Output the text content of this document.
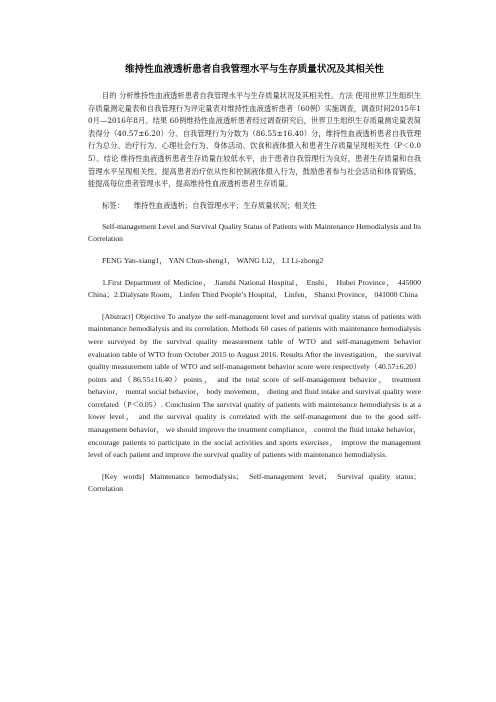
维持性血液透析患者自我管理水平与生存质量状况及其相关性

目的 分析维持性血液透析患者自我管理水平与生存质量状况及其相关性。方法 使用世界卫生组织生存质量测定量表和自我管理行为评定量表对维持性血液透析患者（60例）实施调查，调查时间2015年10月—2016年8月。结果 60例维持性血液透析患者经过调查研究后，世界卫生组织生存质量测定量表简表得分（40.57±6.20）分、自我管理行为分数为（86.55±16.40）分，维持性血液透析患者自我管理行为总分、治疗行为、心理社会行为、身体活动、饮食和液体摄入和患者生存质量呈现相关性（P＜0.05）。结论 维持性血液透析患者生存质量在较低水平，由于患者自我管理行为良好，患者生存质量和自我管理水平呈现相关性，提高患者治疗依从性和控制液体摄入行为，鼓励患者参与社会活动和体育锻炼，能提高每位患者管理水平，提高维持性血液透析患者生存质量。

标签： 维持性血液透析；自我管理水平；生存质量状况；相关性

Self-management Level and Survival Quality Status of Patients with Maintenance Hemodialysis and Its Correlation

FENG Yan-xiang1， YAN Chun-sheng1， WANG Li2， LI Li-zhong2

1.First Department of Medicine， Jianshi National Hospital， Enshi， Hubei Province， 445000 China；2.Dialysate Room， Linfen Third People’s Hospital， Linfen， Shanxi Province， 041000 China

[Abstract] Objective To analyze the self-management level and survival quality status of patients with maintenance hemodialysis and its correlation. Methods 60 cases of patients with maintenance hemodialysis were surveyed by the survival quality measurement table of WTO and self-management behavior evaluation table of WTO from October 2015 to August 2016. Results After the investigation， the survival quality measurement table of WTO and self-management behavior score were respectively（40.57±6.20）points and（86.55±16.40）points， and the total score of self-management behavior， treatment behavior， mental social behavior， body movement， dieting and fluid intake and survival quality were correlated（P＜0.05）. Conclusion The survival quality of patients with maintenance hemodialysis is at a lower level， and the survival quality is correlated with the self-management due to the good self-management behavior， we should improve the treatment compliance， control the fluid intake behavior， encourage patients to participate in the social activities and sports exercises， improve the management level of each patient and improve the survival quality of patients with maintenance hemodialysis.

[Key words] Maintenance hemodialysis； Self-management level； Survival quality status； Correlation
